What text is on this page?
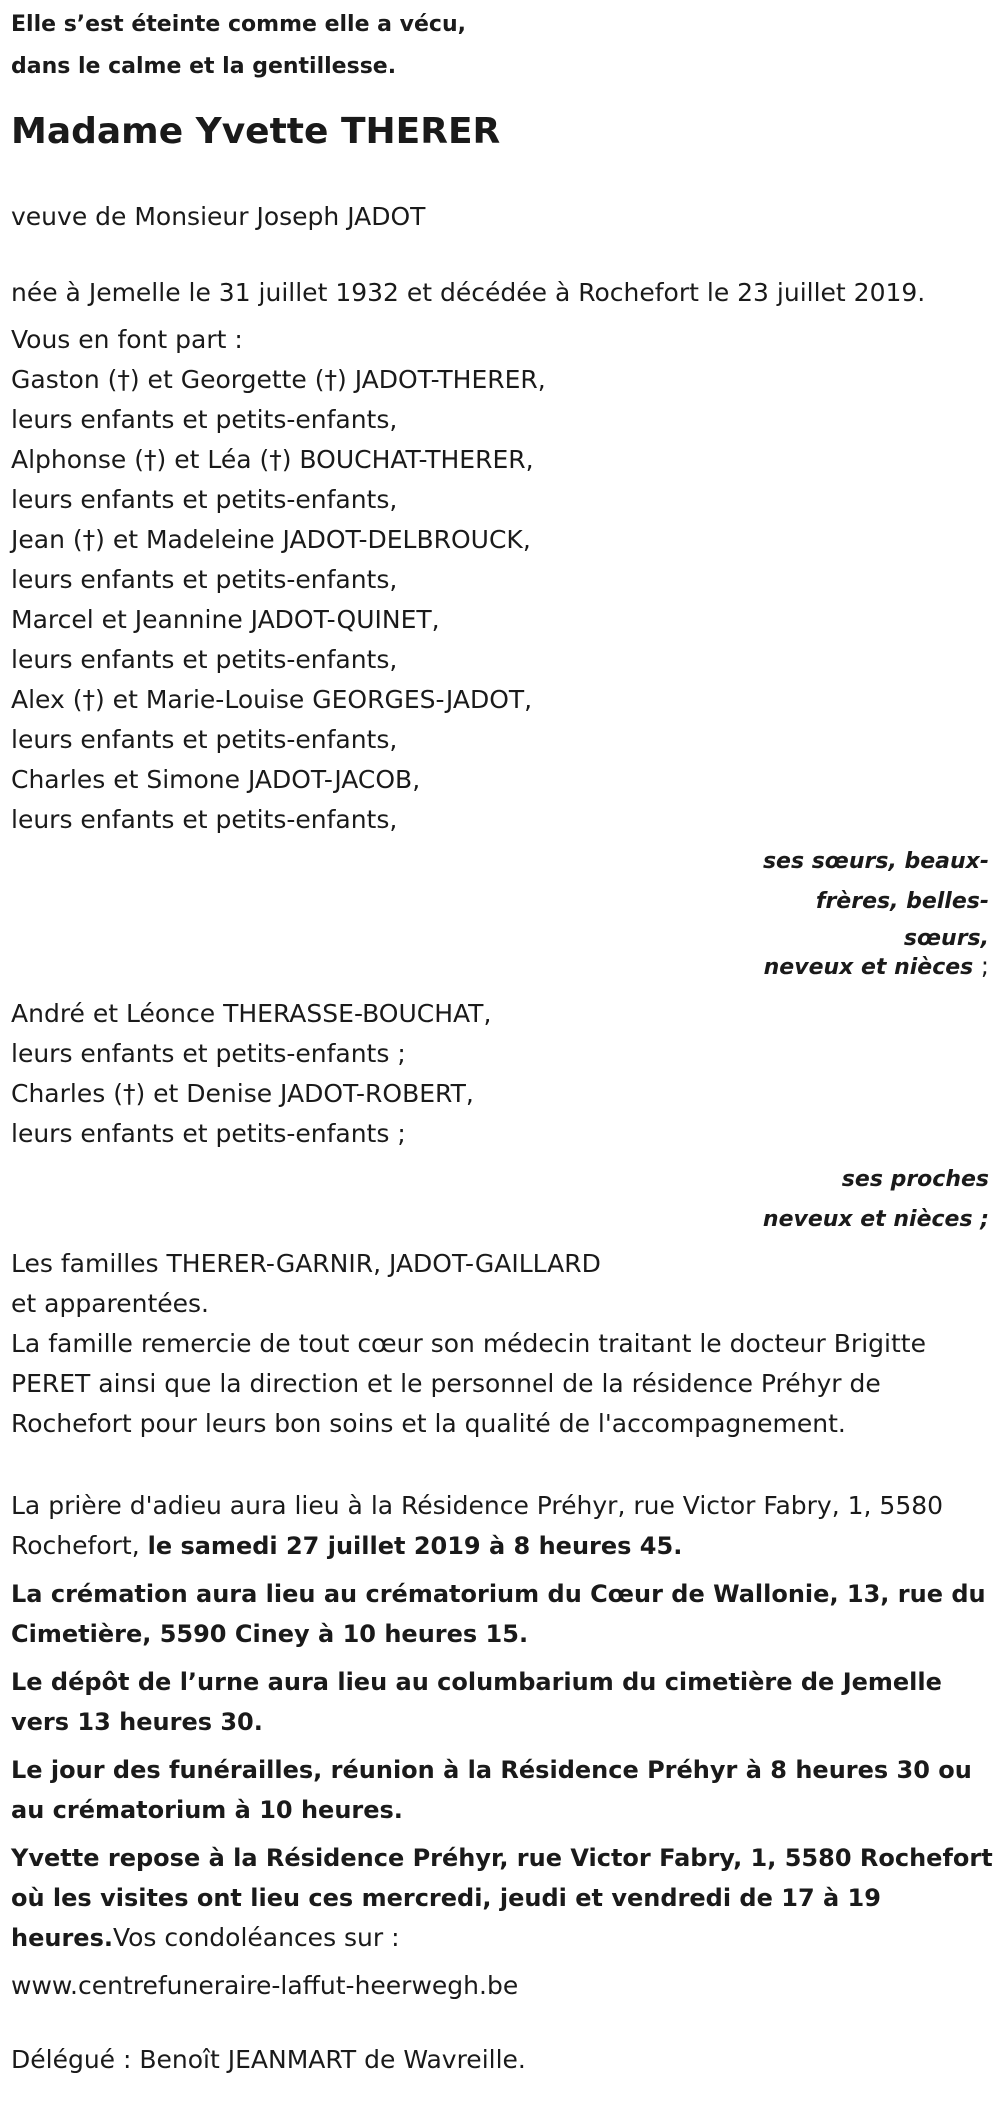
Elle s’est éteinte comme elle a vécu,
dans le calme et la gentillesse.
Madame Yvette THERER
veuve de Monsieur Joseph JADOT
née à Jemelle le 31 juillet 1932 et décédée à Rochefort le 23 juillet 2019.
Vous en font part :
Gaston (†) et Georgette (†) JADOT-THERER,
leurs enfants et petits-enfants,
Alphonse (†) et Léa (†) BOUCHAT-THERER,
leurs enfants et petits-enfants,
Jean (†) et Madeleine JADOT-DELBROUCK,
leurs enfants et petits-enfants,
Marcel et Jeannine JADOT-QUINET,
leurs enfants et petits-enfants,
Alex (†) et Marie-Louise GEORGES-JADOT,
leurs enfants et petits-enfants,
Charles et Simone JADOT-JACOB,
leurs enfants et petits-enfants,
ses sœurs, beaux-
frères, belles-
sœurs,
neveux et nièces ;
André et Léonce THERASSE-BOUCHAT,
leurs enfants et petits-enfants ;
Charles (†) et Denise JADOT-ROBERT,
leurs enfants et petits-enfants ;
ses proches
neveux et nièces ;
Les familles THERER-GARNIR, JADOT-GAILLARD
et apparentées.
La famille remercie de tout cœur son médecin traitant le docteur Brigitte PERET ainsi que la direction et le personnel de la résidence Préhyr de Rochefort pour leurs bon soins et la qualité de l'accompagnement.
La prière d'adieu aura lieu à la Résidence Préhyr, rue Victor Fabry, 1, 5580 Rochefort, le samedi 27 juillet 2019 à 8 heures 45.
La crémation aura lieu au crématorium du Cœur de Wallonie, 13, rue du Cimetière, 5590 Ciney à 10 heures 15.
Le dépôt de l’urne aura lieu au columbarium du cimetière de Jemelle vers 13 heures 30.
Le jour des funérailles, réunion à la Résidence Préhyr à 8 heures 30 ou au crématorium à 10 heures.
Yvette repose à la Résidence Préhyr, rue Victor Fabry, 1, 5580 Rochefort où les visites ont lieu ces mercredi, jeudi et vendredi de 17 à 19 heures.Vos condoléances sur :
www.centrefuneraire-laffut-heerwegh.be
Délégué : Benoît JEANMART de Wavreille.
